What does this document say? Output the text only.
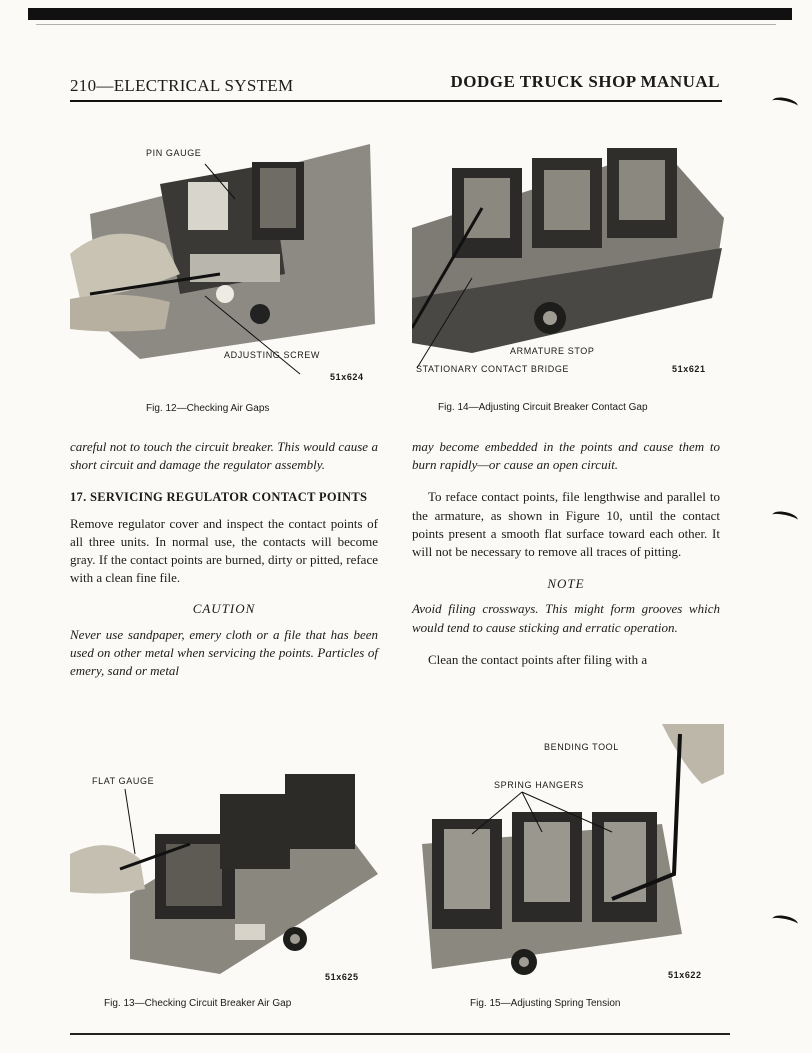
210—ELECTRICAL SYSTEM	DODGE TRUCK SHOP MANUAL
PIN GAUGE
ADJUSTING SCREW
51x624
Fig. 12—Checking Air Gaps
ARMATURE STOP
STATIONARY CONTACT BRIDGE	51x621
Fig. 14—Adjusting Circuit Breaker Contact Gap

careful not to touch the circuit breaker. This would cause a short circuit and damage the regulator assembly.

17. SERVICING REGULATOR CONTACT POINTS

Remove regulator cover and inspect the contact points of all three units. In normal use, the contacts will become gray. If the contact points are burned, dirty or pitted, reface with a clean fine file.

CAUTION

Never use sandpaper, emery cloth or a file that has been used on other metal when servicing the points. Particles of emery, sand or metal

may become embedded in the points and cause them to burn rapidly—or cause an open circuit.

To reface contact points, file lengthwise and parallel to the armature, as shown in Figure 10, until the contact points present a smooth flat surface toward each other. It will not be necessary to remove all traces of pitting.

NOTE

Avoid filing crossways. This might form grooves which would tend to cause sticking and erratic operation.

Clean the contact points after filing with a

FLAT GAUGE
51x625
Fig. 13—Checking Circuit Breaker Air Gap
BENDING TOOL
SPRING HANGERS
51x622
Fig. 15—Adjusting Spring Tension
